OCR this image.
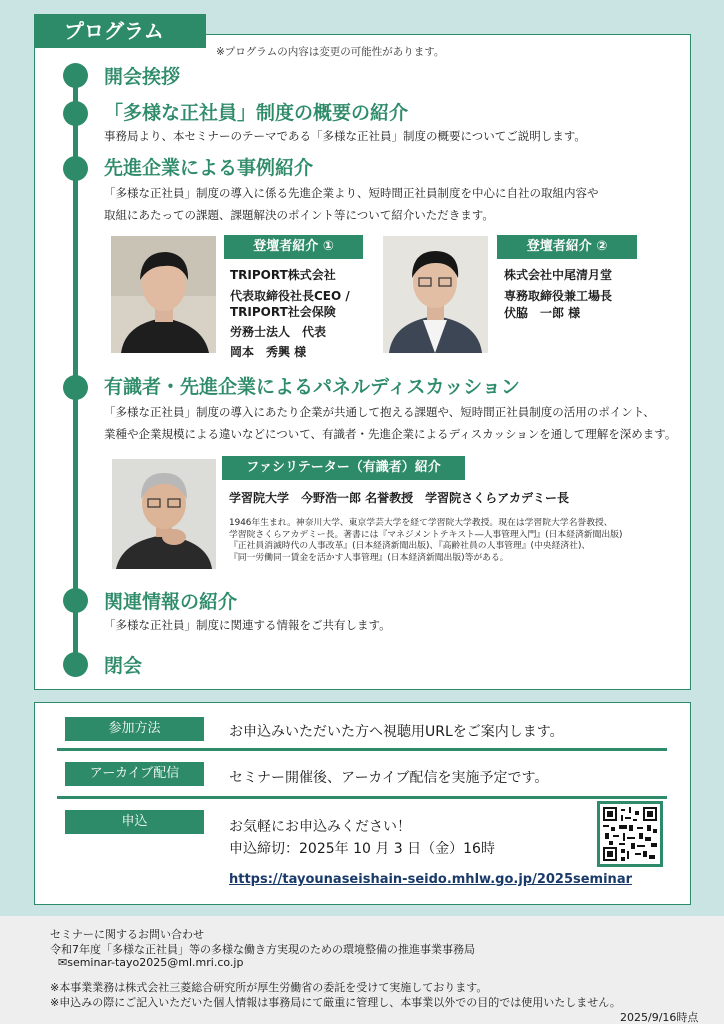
プログラム
※プログラムの内容は変更の可能性があります。
開会挨拶
「多様な正社員」制度の概要の紹介
事務局より、本セミナーのテーマである「多様な正社員」制度の概要についてご説明します。
先進企業による事例紹介
「多様な正社員」制度の導入に係る先進企業より、短時間正社員制度を中心に自社の取組内容や
取組にあたっての課題、課題解決のポイント等について紹介いただきます。
登壇者紹介 ①
TRIPORT株式会社
代表取締役社長CEO /
TRIPORT社会保険
労務士法人　代表
岡本　秀興 様
登壇者紹介 ②
株式会社中尾清月堂
専務取締役兼工場長
伏脇　一郎 様
有識者・先進企業によるパネルディスカッション
「多様な正社員」制度の導入にあたり企業が共通して抱える課題や、短時間正社員制度の活用のポイント、
業種や企業規模による違いなどについて、有識者・先進企業によるディスカッションを通して理解を深めます。
ファシリテーター（有識者）紹介
学習院大学　今野浩一郎 名誉教授　学習院さくらアカデミー長
1946年生まれ。神奈川大学、東京学芸大学を経て学習院大学教授。現在は学習院大学名誉教授、
学習院さくらアカデミー長。著書には『マネジメントテキスト―人事管理入門』(日本経済新聞出版)
『正社員消滅時代の人事改革』(日本経済新聞出版)、『高齢社員の人事管理』(中央経済社)、
『同一労働同一賃金を活かす人事管理』(日本経済新聞出版)等がある。
関連情報の紹介
「多様な正社員」制度に関連する情報をご共有します。
閉会
参加方法	お申込みいただいた方へ視聴用URLをご案内します。
アーカイブ配信	セミナー開催後、アーカイブ配信を実施予定です。
申込	お気軽にお申込みください！
申込締切：2025年 10 月 3 日（金）16時
https://tayounaseishain-seido.mhlw.go.jp/2025seminar
セミナーに関するお問い合わせ
令和7年度「多様な正社員」等の多様な働き方実現のための環境整備の推進事業事務局
✉seminar-tayo2025@ml.mri.co.jp
※本事業業務は株式会社三菱総合研究所が厚生労働省の委託を受けて実施しております。
※申込みの際にご記入いただいた個人情報は事務局にて厳重に管理し、本事業以外での目的では使用いたしません。
2025/9/16時点
